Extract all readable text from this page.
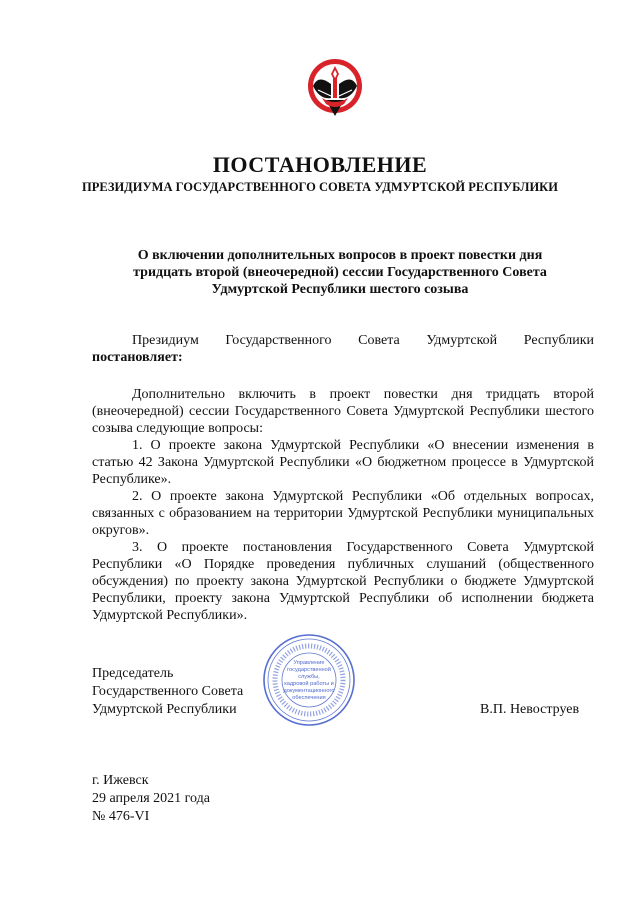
ПОСТАНОВЛЕНИЕ
ПРЕЗИДИУМА ГОСУДАРСТВЕННОГО СОВЕТА УДМУРТСКОЙ РЕСПУБЛИКИ
О включении дополнительных вопросов в проект повестки дня
тридцать второй (внеочередной) сессии Государственного Совета
Удмуртской Республики шестого созыва

Президиум Государственного Совета Удмуртской Республики

постановляет:

Дополнительно включить в проект повестки дня тридцать второй (внеочередной) сессии Государственного Совета Удмуртской Республики шестого созыва следующие вопросы:

1. О проекте закона Удмуртской Республики «О внесении изменения в статью 42 Закона Удмуртской Республики «О бюджетном процессе в Удмуртской Республике».

2. О проекте закона Удмуртской Республики «Об отдельных вопросах, связанных с образованием на территории Удмуртской Республики муниципальных округов».

3. О проекте постановления Государственного Совета Удмуртской Республики «О Порядке проведения публичных слушаний (общественного обсуждения) по проекту закона Удмуртской Республики о бюджете Удмуртской Республики, проекту закона Удмуртской Республики об исполнении бюджета Удмуртской Республики».

Председатель
Государственного Совета
Удмуртской Республики
Управление
государственной
службы,
кадровой работы и
документационного
обеспечения
В.П. Невоструев
г. Ижевск
29 апреля 2021 года
№ 476-VI
